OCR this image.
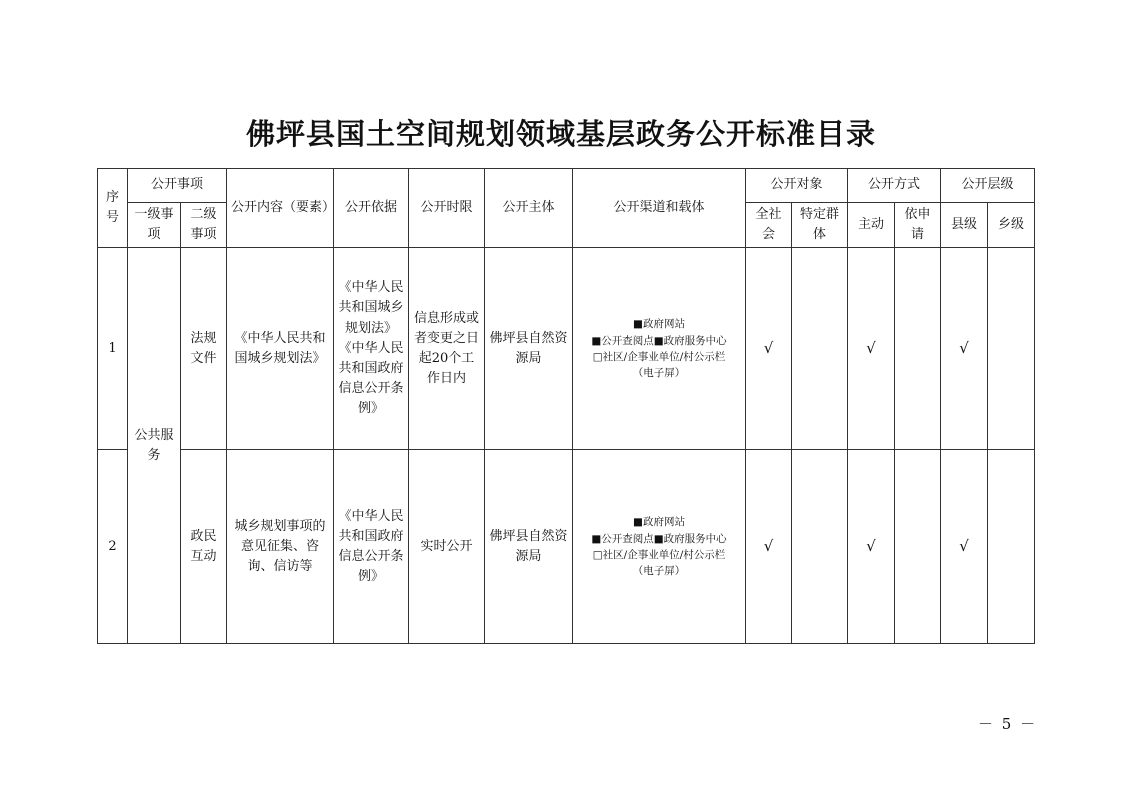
佛坪县国土空间规划领域基层政务公开标准目录
序号	公开事项		公开内容（要素）	公开依据	公开时限	公开主体	公开渠道和载体	公开对象		公开方式		公开层级	
	一级事项	二级事项						全社会	特定群体	主动	依申请	县级	乡级
1	公共服务	法规文件	《中华人民共和国城乡规划法》	《中华人民共和国城乡规划法》《中华人民共和国政府信息公开条例》	信息形成或者变更之日起20个工作日内	佛坪县自然资源局	■政府网站
■公开查阅点■政府服务中心
□社区/企事业单位/村公示栏
（电子屏）	√		√		√	
2		政民互动	城乡规划事项的意见征集、咨询、信访等	《中华人民共和国政府信息公开条例》	实时公开	佛坪县自然资源局	■政府网站
■公开查阅点■政府服务中心
□社区/企事业单位/村公示栏
（电子屏）	√		√		√	
－ 5 －
